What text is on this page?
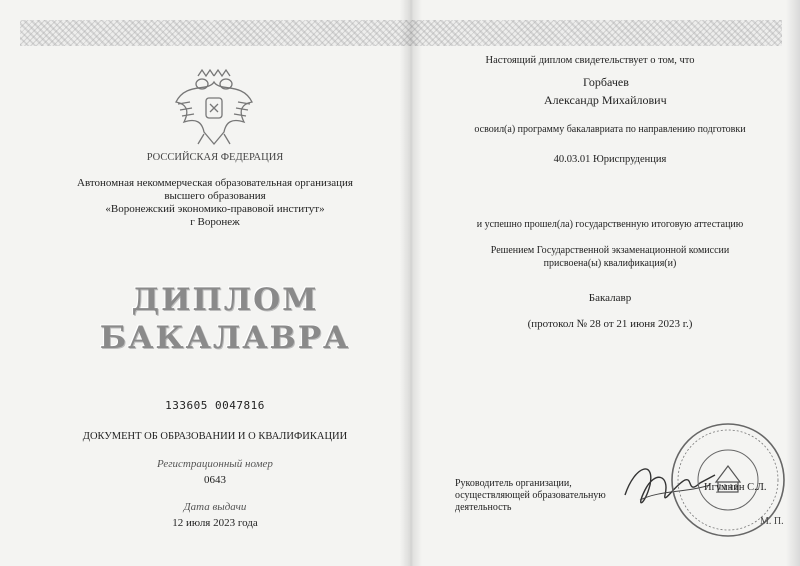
РОССИЙСКАЯ ФЕДЕРАЦИЯ
Автономная некоммерческая образовательная организация
высшего образования
«Воронежский экономико-правовой институт»
г Воронеж
ДИПЛОМ
БАКАЛАВРА
133605 0047816
ДОКУМЕНТ ОБ ОБРАЗОВАНИИ И О КВАЛИФИКАЦИИ
Регистрационный номер
0643
Дата выдачи
12 июля 2023 года
Настоящий диплом свидетельствует о том, что
Горбачев
Александр Михайлович
освоил(а) программу бакалавриата по направлению подготовки
40.03.01 Юриспруденция
и успешно прошел(ла) государственную итоговую аттестацию
Решением Государственной экзаменационной комиссии
присвоена(ы) квалификация(и)
Бакалавр
(протокол № 28 от 21 июня 2023 г.)
Руководитель организации,
осуществляющей образовательную
деятельность
Игумнин С.Л.
М. П.
